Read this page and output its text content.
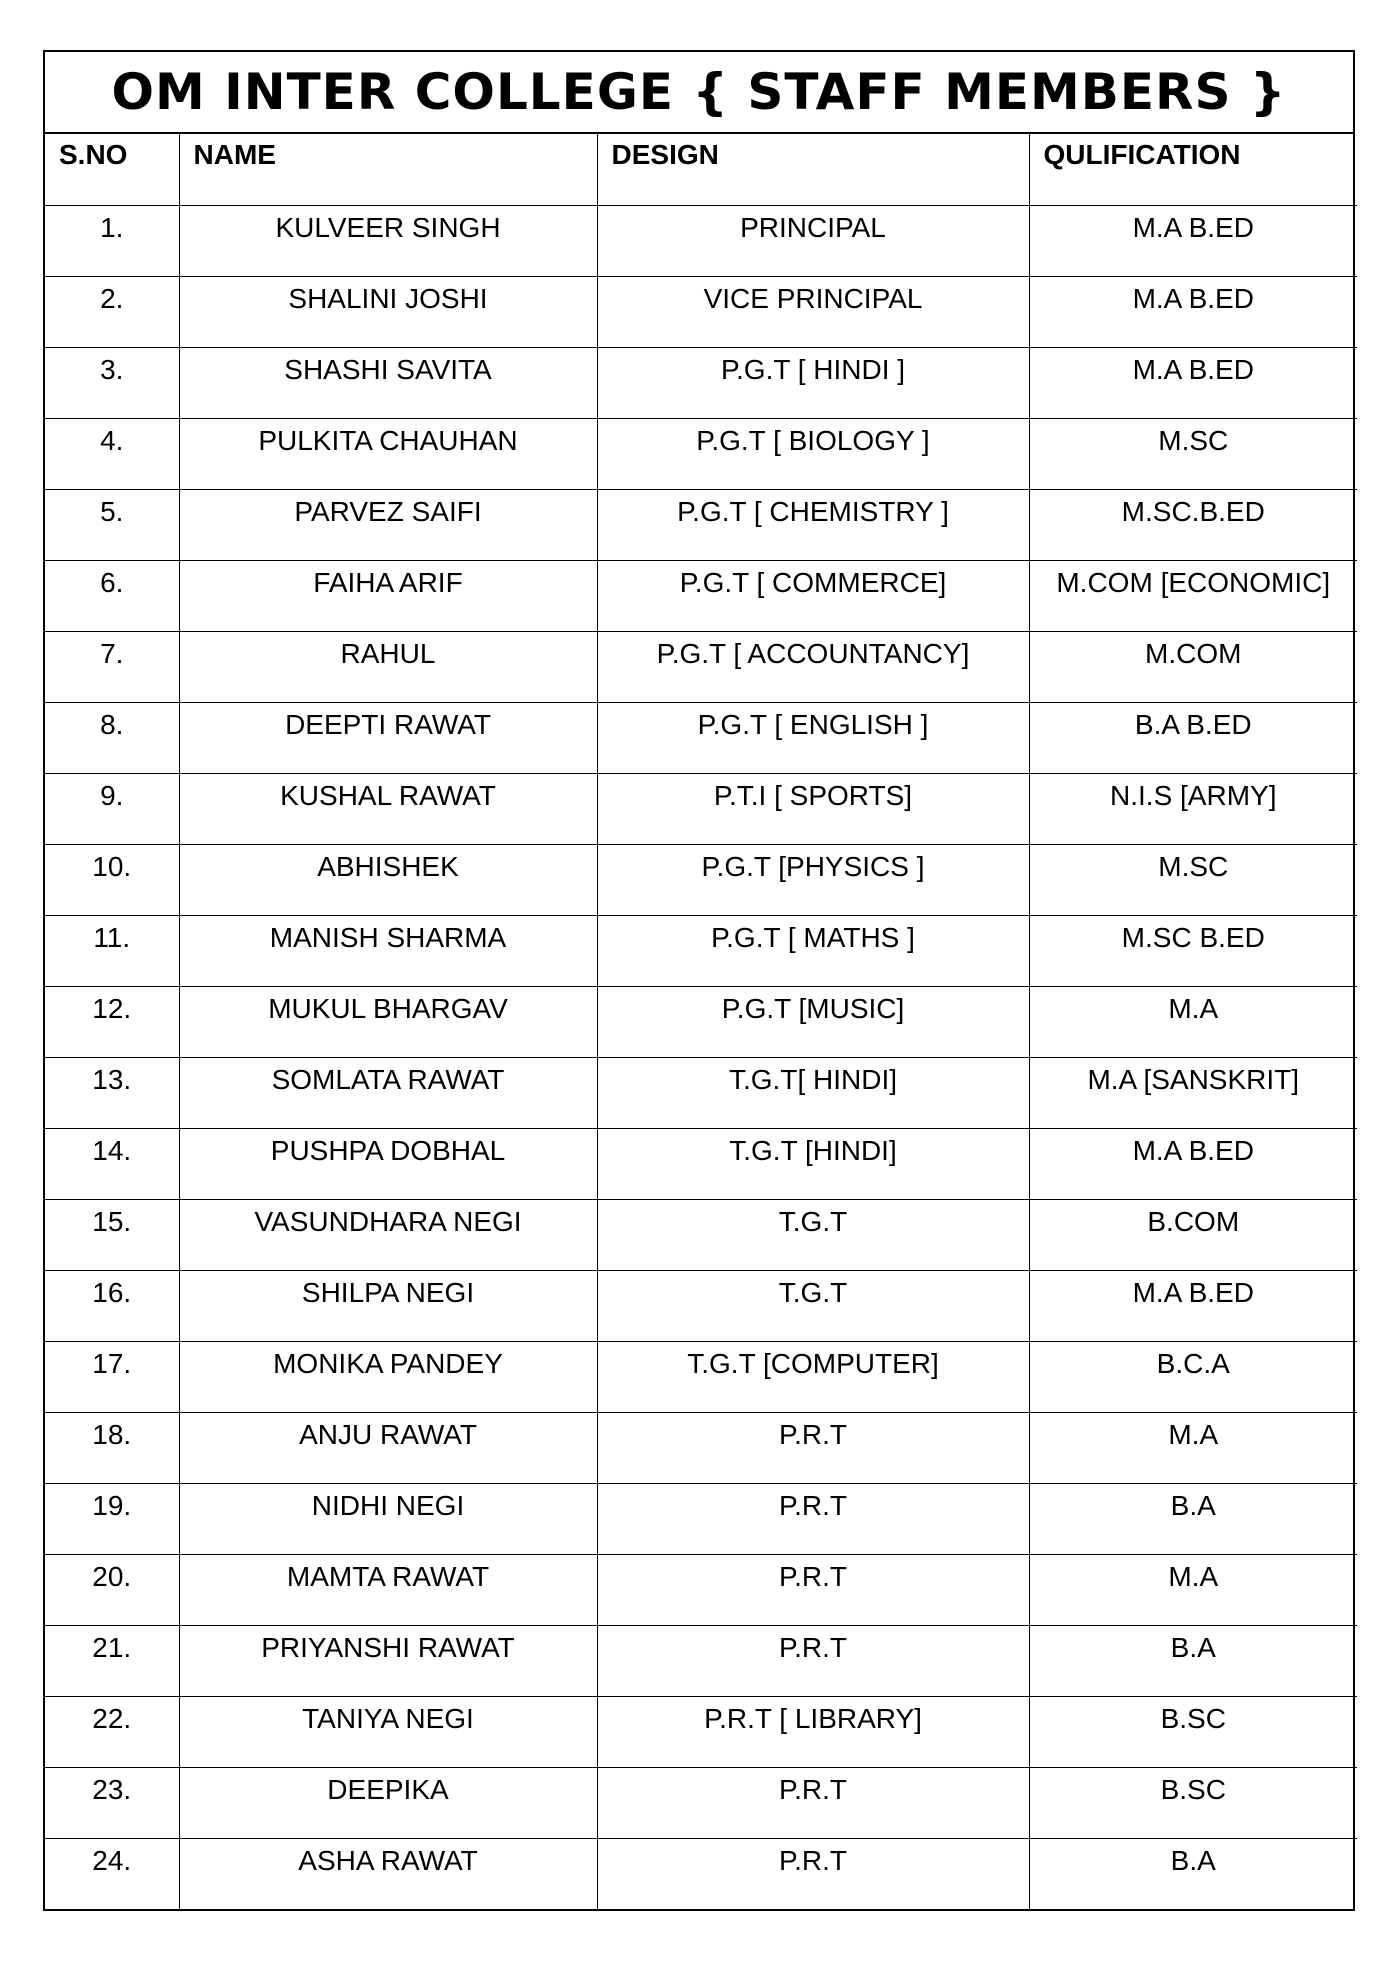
OM INTER COLLEGE { STAFF MEMBERS }
S.NO	NAME	DESIGN	QULIFICATION
1.	KULVEER SINGH	PRINCIPAL	M.A B.ED
2.	SHALINI JOSHI	VICE PRINCIPAL	M.A B.ED
3.	SHASHI SAVITA	P.G.T [ HINDI ]	M.A B.ED
4.	PULKITA CHAUHAN	P.G.T [ BIOLOGY ]	M.SC
5.	PARVEZ SAIFI	P.G.T [ CHEMISTRY ]	M.SC.B.ED
6.	FAIHA ARIF	P.G.T [ COMMERCE]	M.COM [ECONOMIC]
7.	RAHUL	P.G.T [ ACCOUNTANCY]	M.COM
8.	DEEPTI RAWAT	P.G.T [ ENGLISH ]	B.A B.ED
9.	KUSHAL RAWAT	P.T.I [ SPORTS]	N.I.S [ARMY]
10.	ABHISHEK	P.G.T [PHYSICS ]	M.SC
11.	MANISH SHARMA	P.G.T [ MATHS ]	M.SC B.ED
12.	MUKUL BHARGAV	P.G.T [MUSIC]	M.A
13.	SOMLATA RAWAT	T.G.T[ HINDI]	M.A [SANSKRIT]
14.	PUSHPA DOBHAL	T.G.T [HINDI]	M.A B.ED
15.	VASUNDHARA NEGI	T.G.T	B.COM
16.	SHILPA NEGI	T.G.T	M.A B.ED
17.	MONIKA PANDEY	T.G.T [COMPUTER]	B.C.A
18.	ANJU RAWAT	P.R.T	M.A
19.	NIDHI NEGI	P.R.T	B.A
20.	MAMTA RAWAT	P.R.T	M.A
21.	PRIYANSHI RAWAT	P.R.T	B.A
22.	TANIYA NEGI	P.R.T [ LIBRARY]	B.SC
23.	DEEPIKA	P.R.T	B.SC
24.	ASHA RAWAT	P.R.T	B.A
